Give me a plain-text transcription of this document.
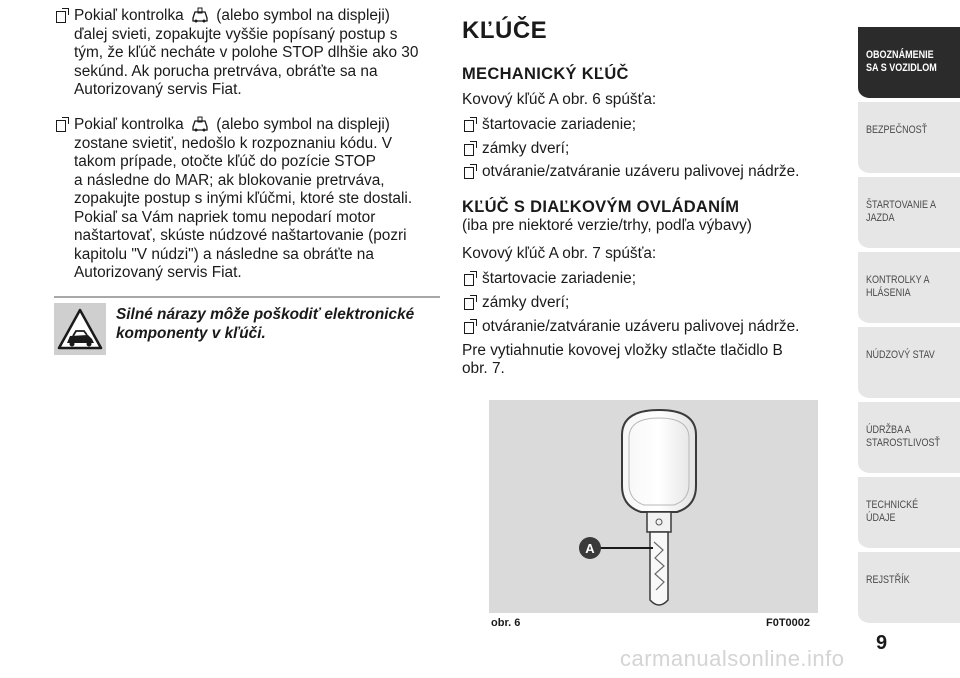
Pokiaľ kontrolka (alebo symbol na displeji)

ďalej svieti, zopakujte vyššie popísaný postup s

tým, že kľúč necháte v polohe STOP dlhšie ako 30

sekúnd. Ak porucha pretrváva, obráťte sa na

Autorizovaný servis Fiat.

Pokiaľ kontrolka (alebo symbol na displeji)

zostane svietiť, nedošlo k rozpoznaniu kódu. V

takom prípade, otočte kľúč do pozície STOP

a následne do MAR; ak blokovanie pretrváva,

zopakujte postup s inými kľúčmi, ktoré ste dostali.

Pokiaľ sa Vám napriek tomu nepodarí motor

naštartovať, skúste núdzové naštartovanie (pozri

kapitolu "V núdzi") a následne sa obráťte na

Autorizovaný servis Fiat.

Silné nárazy môže poškodiť elektronické
komponenty v kľúči.
KĽÚČE
MECHANICKÝ KĽÚČ
Kovový kľúč A obr. 6 spúšťa:
štartovacie zariadenie;
zámky dverí;
otváranie/zatváranie uzáveru palivovej nádrže.
KĽÚČ S DIAĽKOVÝM OVLÁDANÍM
(iba pre niektoré verzie/trhy, podľa výbavy)
Kovový kľúč A obr. 7 spúšťa:
štartovacie zariadenie;
zámky dverí;
otváranie/zatváranie uzáveru palivovej nádrže.
Pre vytiahnutie kovovej vložky stlačte tlačidlo B
obr. 7.
A
obr. 6	F0T0002
OBOZNÁMENIE
SA S VOZIDLOM
BEZPEČNOSŤ
ŠTARTOVANIE A
JAZDA
KONTROLKY A
HLÁSENIA
NÚDZOVÝ STAV
ÚDRŽBA A
STAROSTLIVOSŤ
TECHNICKÉ ÚDAJE
REJSTŘÍK
9
carmanualsonline.info
